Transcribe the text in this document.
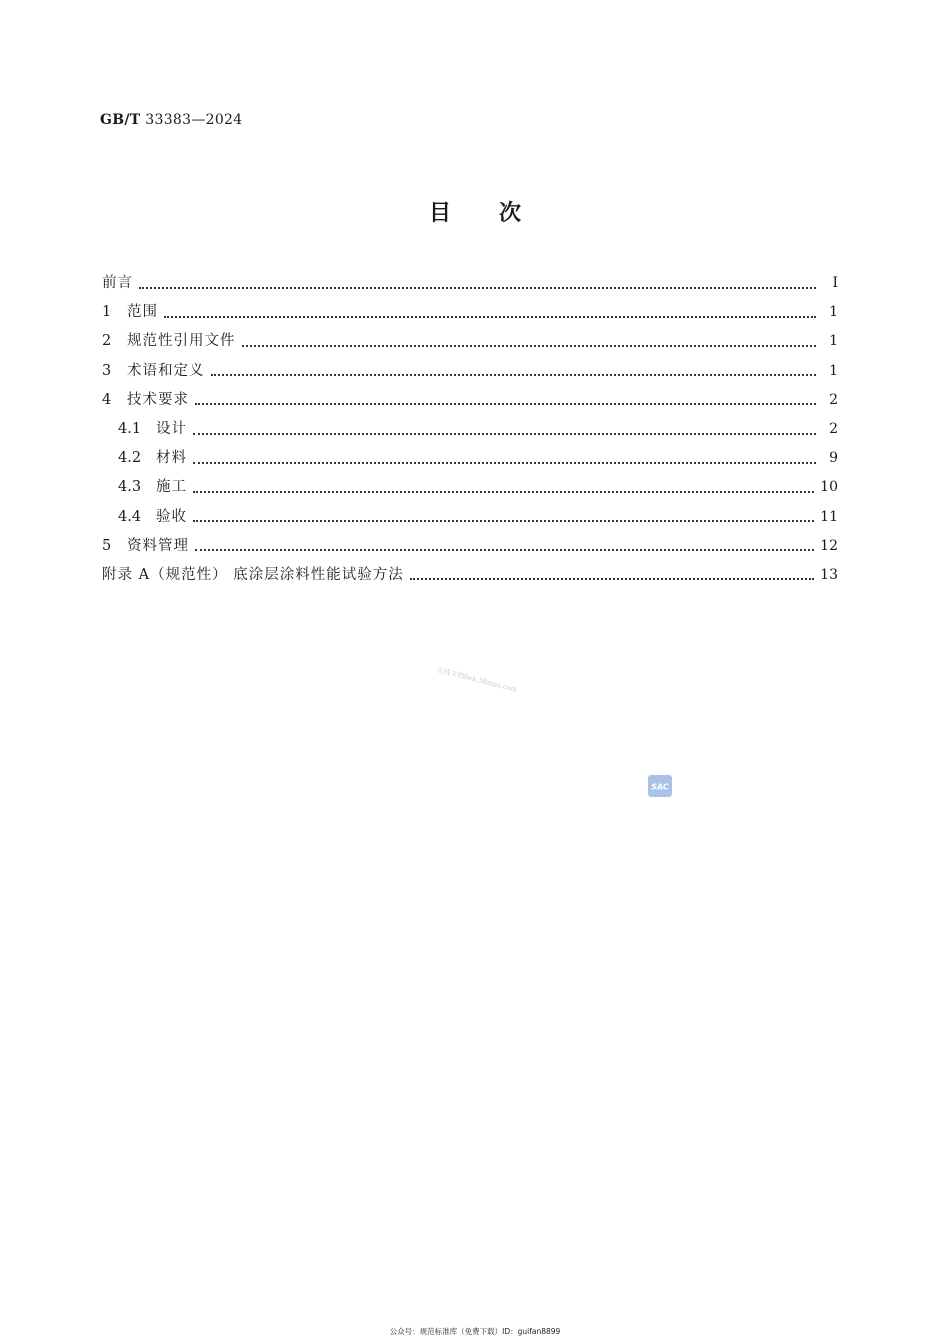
GB/T 33383—2024
目次
前言	Ⅰ
1	范围	1
2	规范性引用文件	1
3	术语和定义	1
4	技术要求	2
4.1	设计	2
4.2	材料	9
4.3	施工	10
4.4	验收	11
5	资料管理	12
附录 A（规范性） 底涂层涂料性能试验方法	13
在线文档fwk.58sms.com
SAC
公众号：规范标准库（免费下载）ID：guifan8899
